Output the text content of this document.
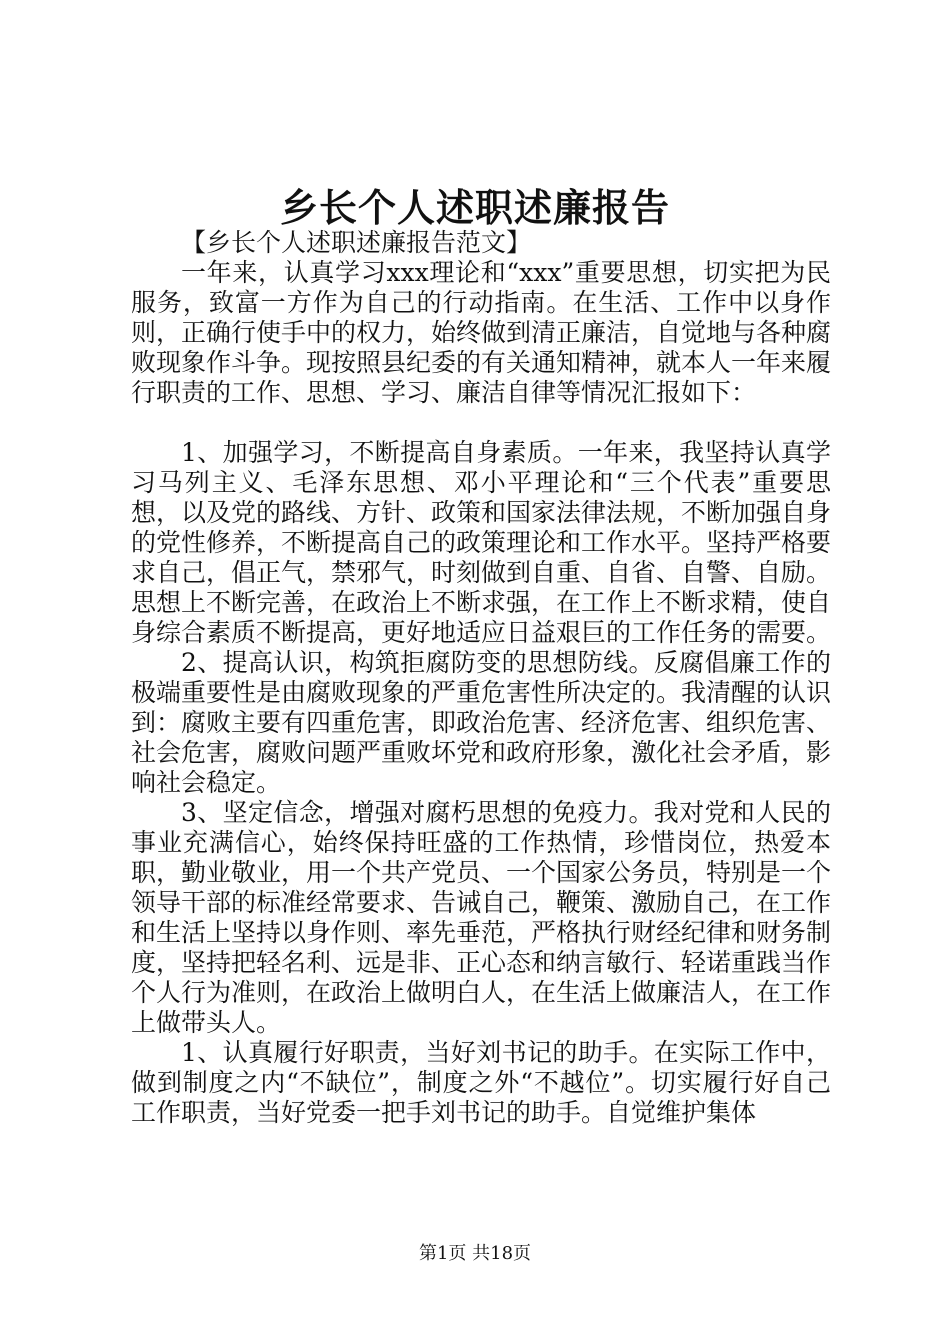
乡长个人述职述廉报告

【乡长个人述职述廉报告范文】

一年来，认真学习xxx理论和“xxx”重要思想，切实把为民服务，致富一方作为自己的行动指南。在生活、工作中以身作则，正确行使手中的权力，始终做到清正廉洁，自觉地与各种腐败现象作斗争。现按照县纪委的有关通知精神，就本人一年来履行职责的工作、思想、学习、廉洁自律等情况汇报如下：

1、加强学习，不断提高自身素质。一年来，我坚持认真学习马列主义、毛泽东思想、邓小平理论和“三个代表”重要思想，以及党的路线、方针、政策和国家法律法规，不断加强自身的党性修养，不断提高自己的政策理论和工作水平。坚持严格要求自己，倡正气，禁邪气，时刻做到自重、自省、自警、自励。思想上不断完善，在政治上不断求强，在工作上不断求精，使自身综合素质不断提高，更好地适应日益艰巨的工作任务的需要。

2、提高认识，构筑拒腐防变的思想防线。反腐倡廉工作的极端重要性是由腐败现象的严重危害性所决定的。我清醒的认识到：腐败主要有四重危害，即政治危害、经济危害、组织危害、社会危害，腐败问题严重败坏党和政府形象，激化社会矛盾，影响社会稳定。

3、坚定信念，增强对腐朽思想的免疫力。我对党和人民的事业充满信心，始终保持旺盛的工作热情，珍惜岗位，热爱本职，勤业敬业，用一个共产党员、一个国家公务员，特别是一个领导干部的标准经常要求、告诫自己，鞭策、激励自己，在工作和生活上坚持以身作则、率先垂范，严格执行财经纪律和财务制度，坚持把轻名利、远是非、正心态和纳言敏行、轻诺重践当作个人行为准则，在政治上做明白人，在生活上做廉洁人，在工作上做带头人。

1、认真履行好职责，当好刘书记的助手。在实际工作中，做到制度之内“不缺位”，制度之外“不越位”。切实履行好自己工作职责，当好党委一把手刘书记的助手。自觉维护集体

第1页 共18页
